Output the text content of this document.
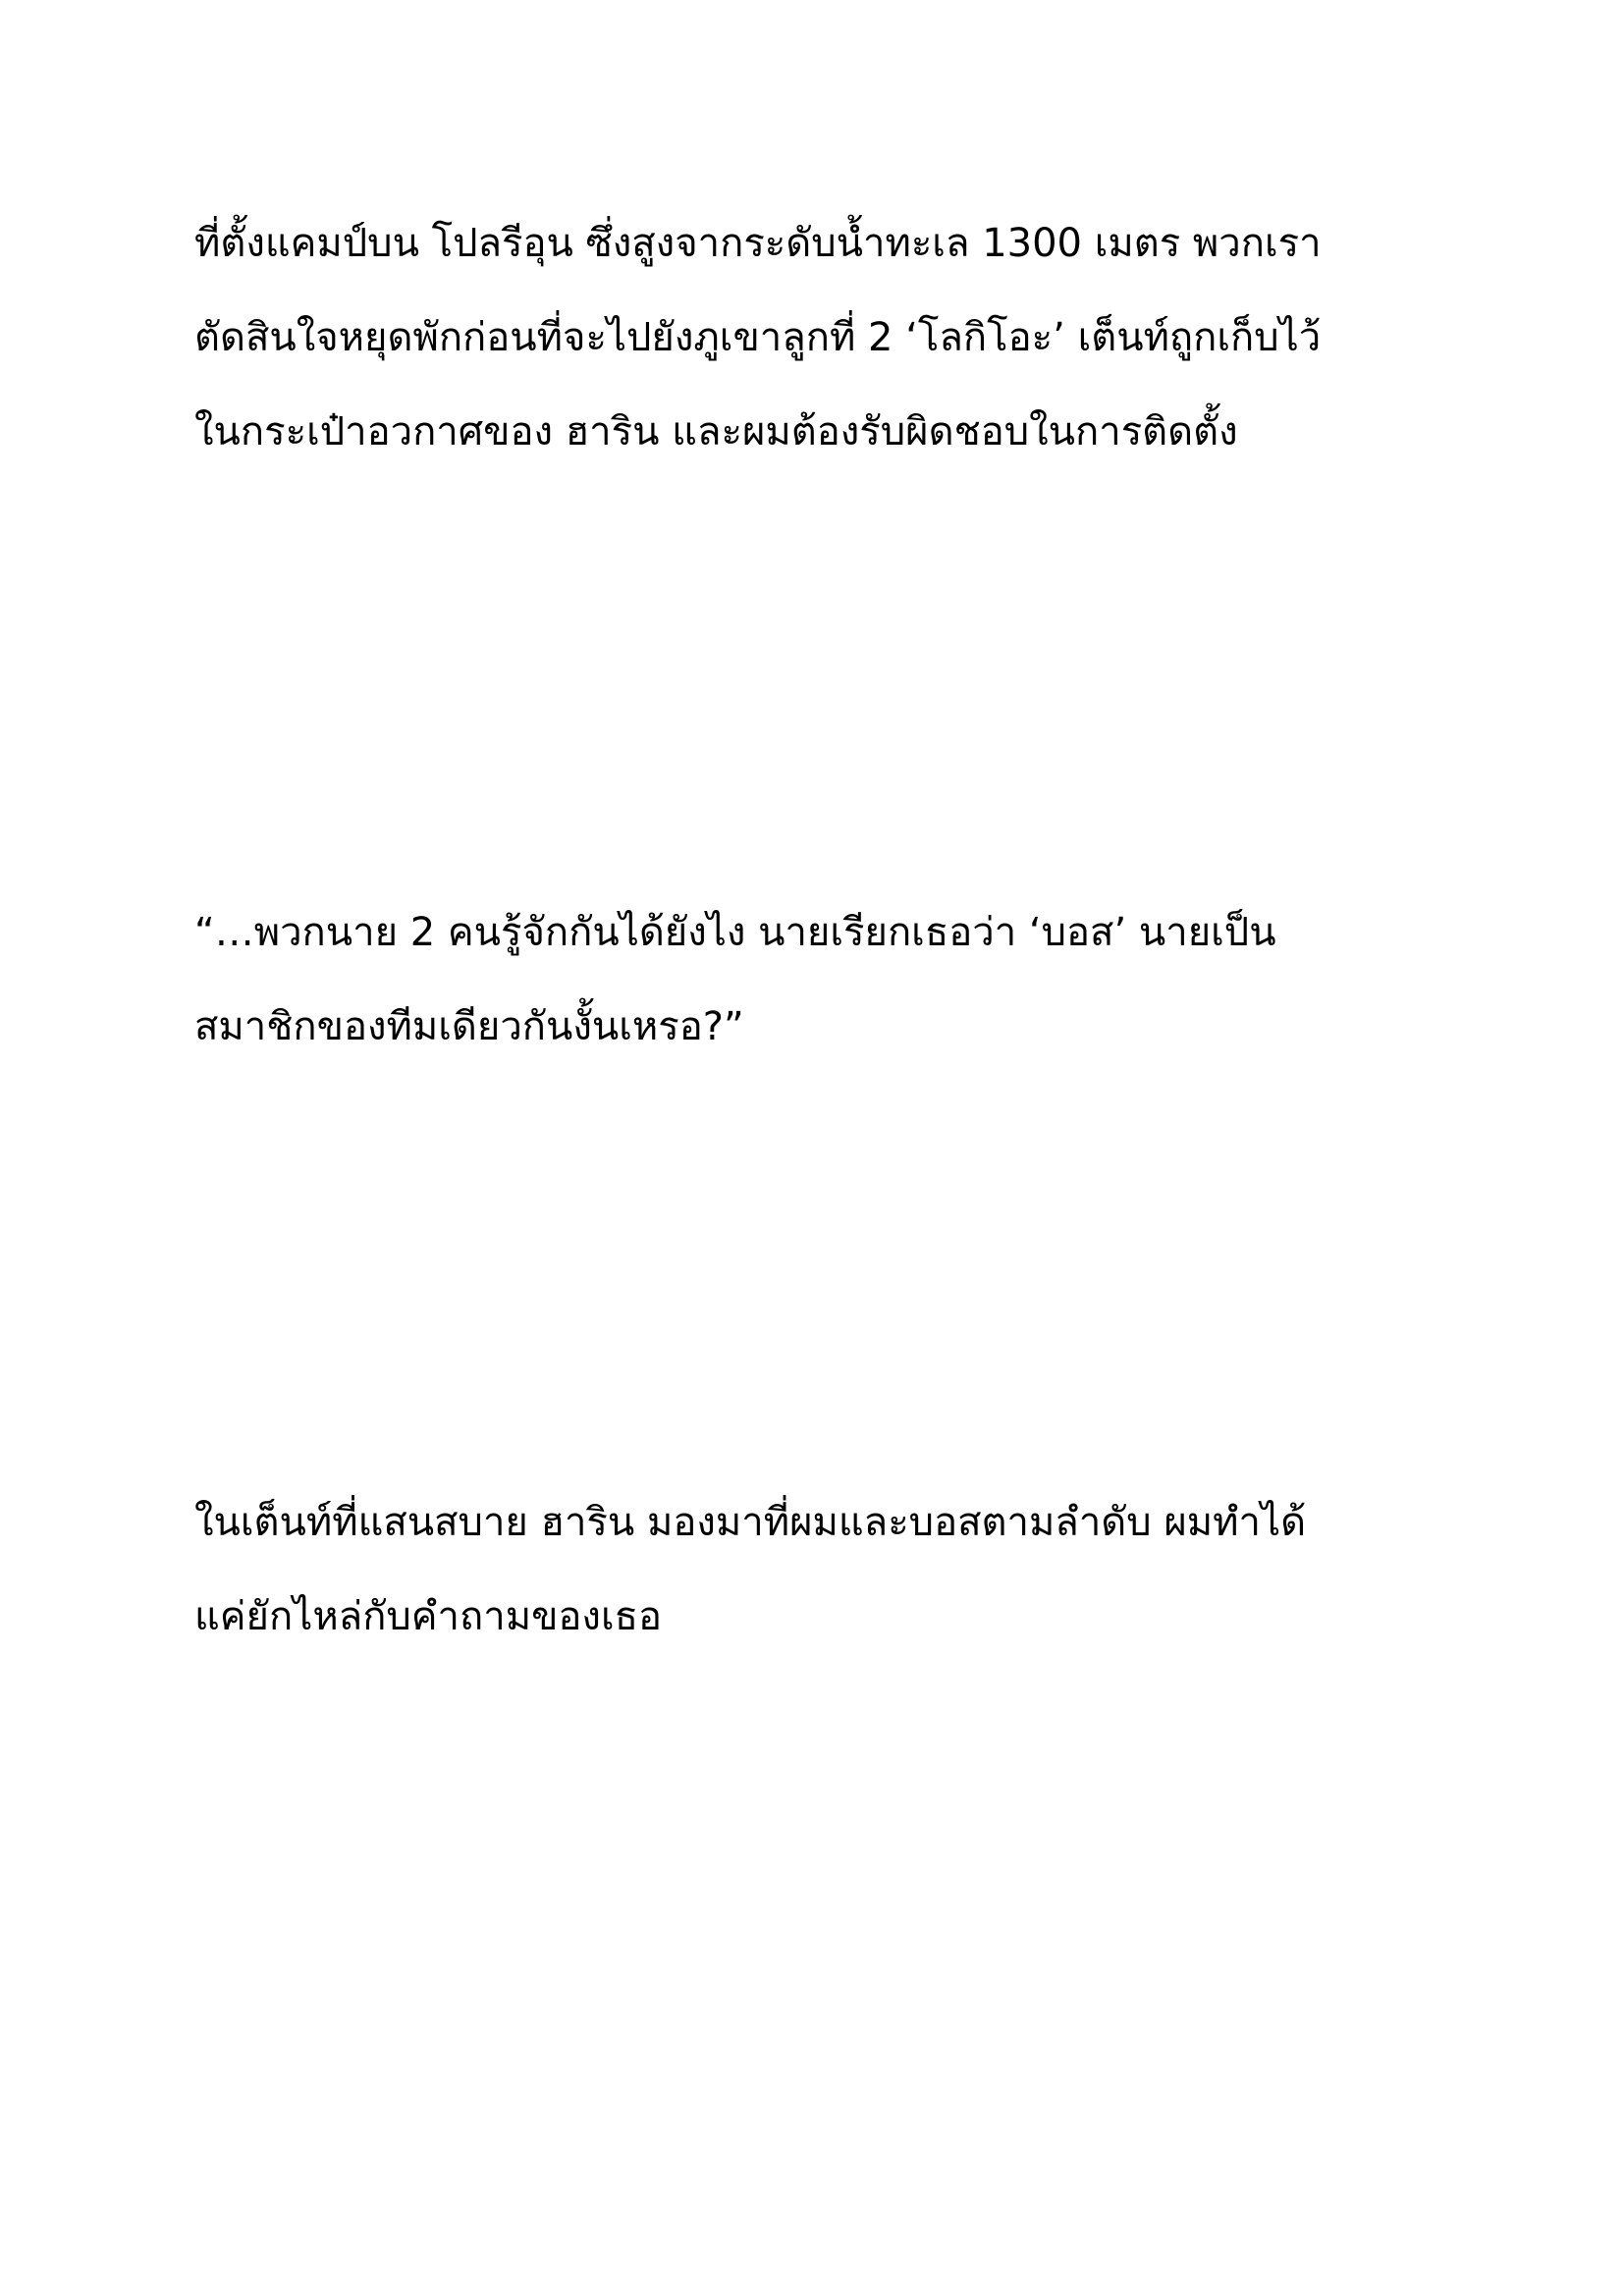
ที่ตั้งแคมป์บน โปลรีอุน ซึ่งสูงจากระดับน้ำทะเล 1300 เมตร พวกเรา
ตัดสินใจหยุดพักก่อนที่จะไปยังภูเขาลูกที่ 2 ‘โลกิโอะ’ เต็นท์ถูกเก็บไว้
ในกระเป๋าอวกาศของ ฮาริน และผมต้องรับผิดชอบในการติดตั้ง

“…พวกนาย 2 คนรู้จักกันได้ยังไง นายเรียกเธอว่า ‘บอส’ นายเป็น
สมาชิกของทีมเดียวกันงั้นเหรอ?”

ในเต็นท์ที่แสนสบาย ฮาริน มองมาที่ผมและบอสตามลำดับ ผมทำได้
แค่ยักไหล่กับคำถามของเธอ
